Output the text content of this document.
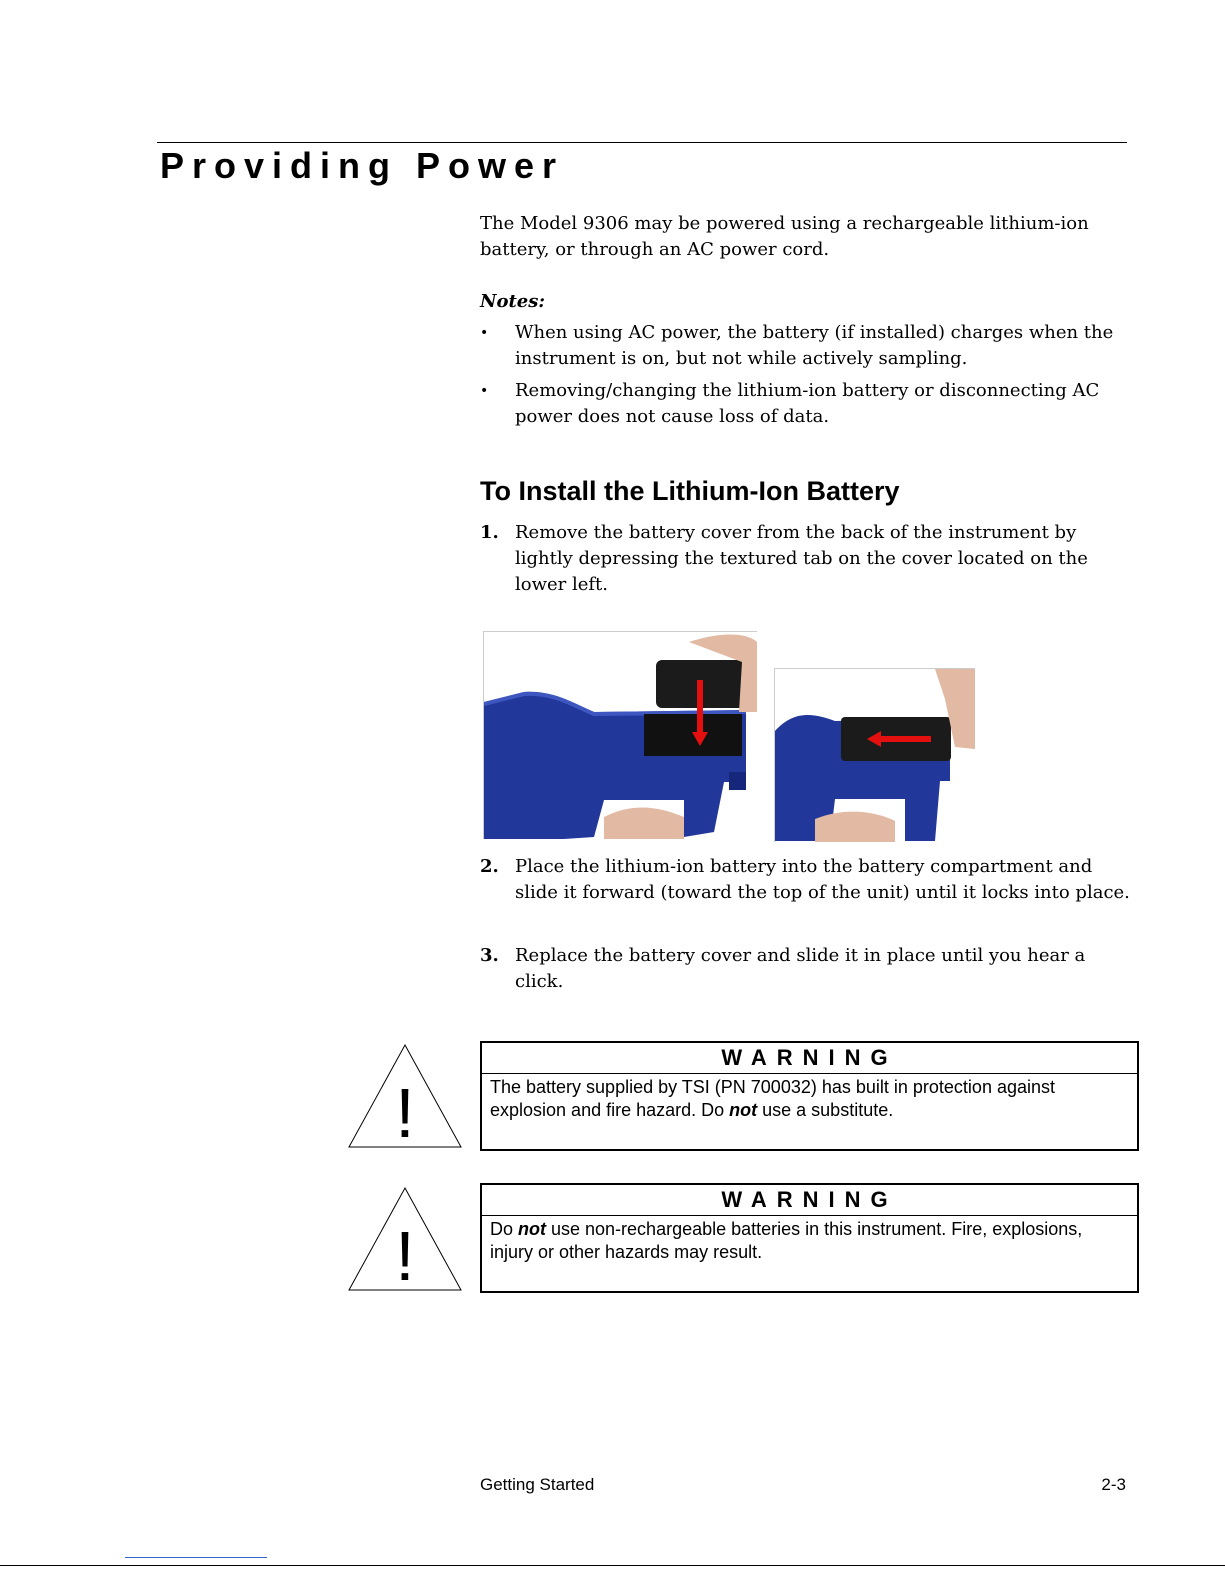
Providing Power

The Model 9306 may be powered using a rechargeable lithium-ion battery, or through an AC power cord.

Notes:

• When using AC power, the battery (if installed) charges when the instrument is on, but not while actively sampling.
• Removing/changing the lithium-ion battery or disconnecting AC power does not cause loss of data.
To Install the Lithium-Ion Battery
1. Remove the battery cover from the back of the instrument by lightly depressing the textured tab on the cover located on the lower left.
2. Place the lithium-ion battery into the battery compartment and slide it forward (toward the top of the unit) until it locks into place.
3. Replace the battery cover and slide it in place until you hear a click.
!
WARNING
The battery supplied by TSI (PN 700032) has built in protection against explosion and fire hazard. Do not use a substitute.
!
WARNING
Do not use non-rechargeable batteries in this instrument. Fire, explosions, injury or other hazards may result.
Getting Started	2-3
